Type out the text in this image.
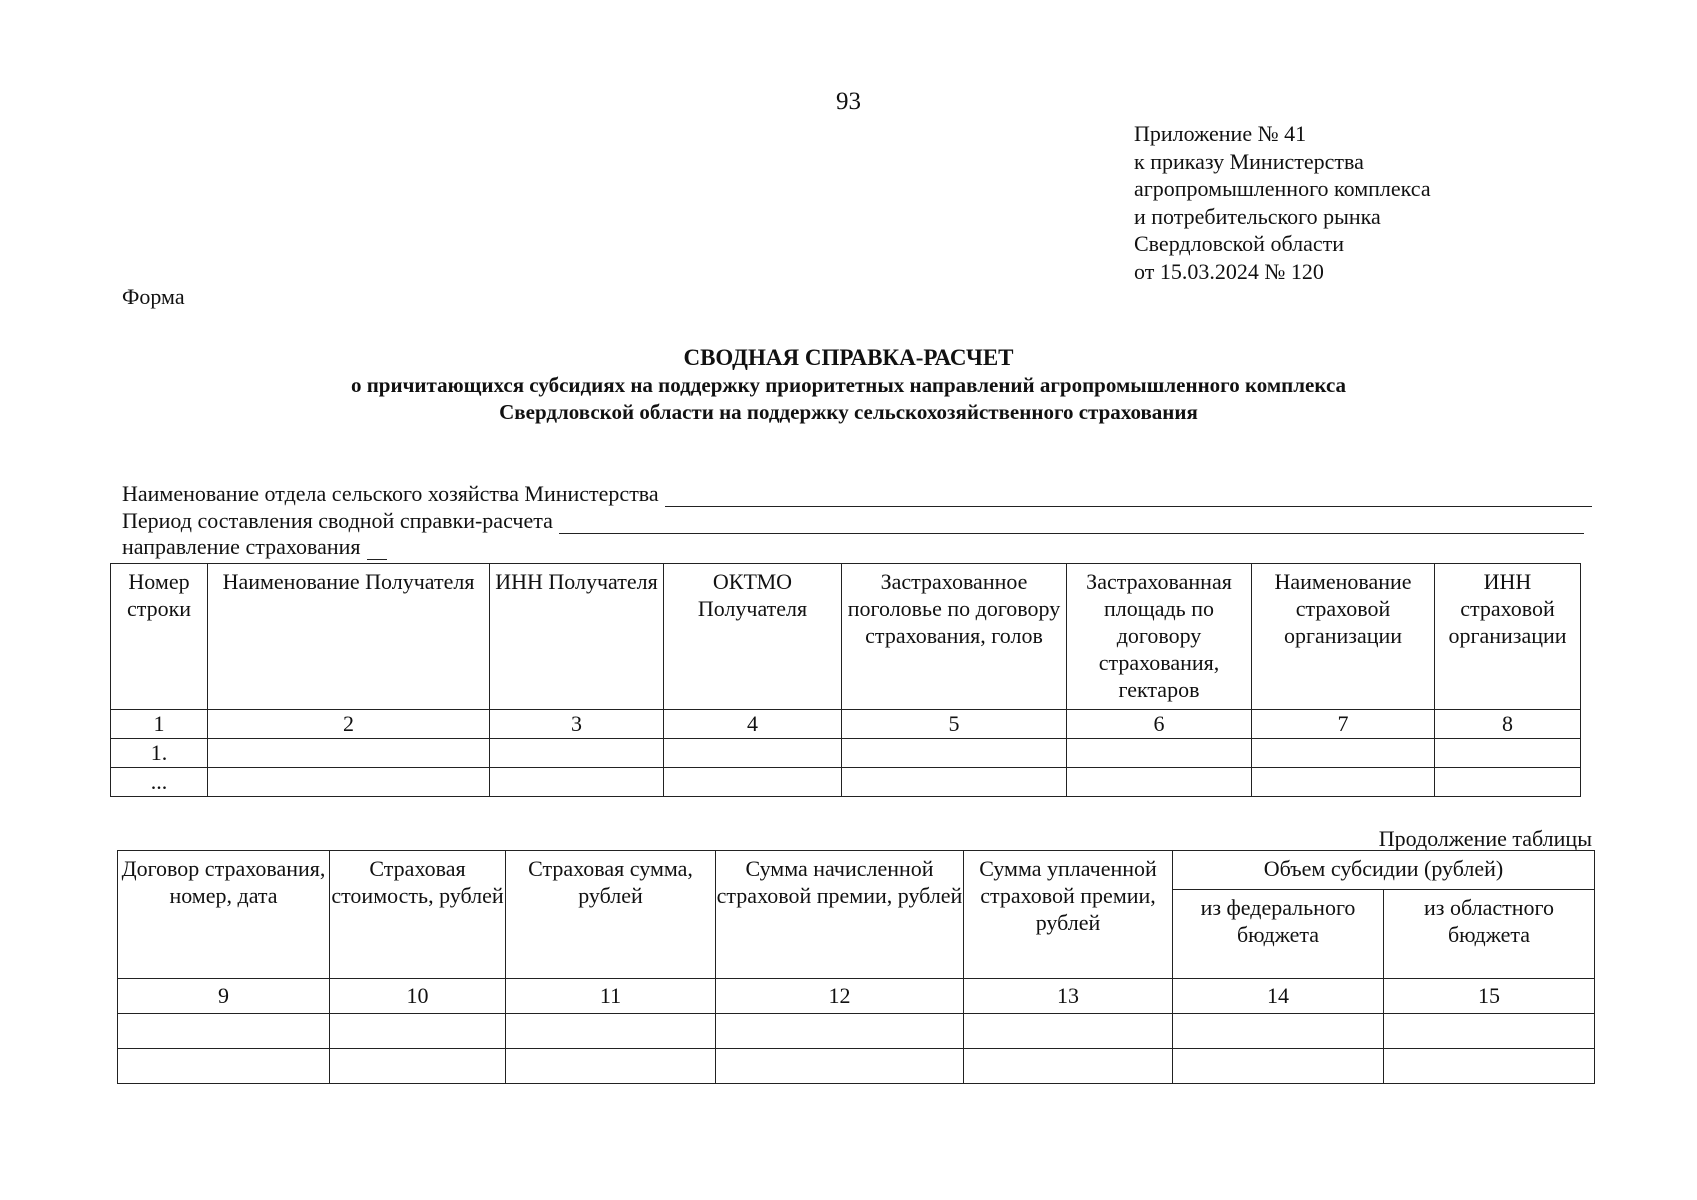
93
Приложение № 41
к приказу Министерства
агропромышленного комплекса
и потребительского рынка
Свердловской области
от 15.03.2024 № 120
Форма
СВОДНАЯ СПРАВКА-РАСЧЕТ
о причитающихся субсидиях на поддержку приоритетных направлений агропромышленного комплекса
Свердловской области на поддержку сельскохозяйственного страхования
Наименование отдела сельского хозяйства Министерства
Период составления сводной справки-расчета
направление страхования
Номер строки	Наименование Получателя	ИНН Получателя	ОКТМО Получателя	Застрахованное поголовье по договору страхования, голов	Застрахованная площадь по договору страхования, гектаров	Наименование страховой организации	ИНН страховой организации
1	2	3	4	5	6	7	8
1.							
...							
Продолжение таблицы
Договор страхования, номер, дата	Страховая стоимость, рублей	Страховая сумма, рублей	Сумма начисленной страховой премии, рублей	Сумма уплаченной страховой премии, рублей	Объем субсидии (рублей)	
					из федерального бюджета	из областного бюджета
9	10	11	12	13	14	15
